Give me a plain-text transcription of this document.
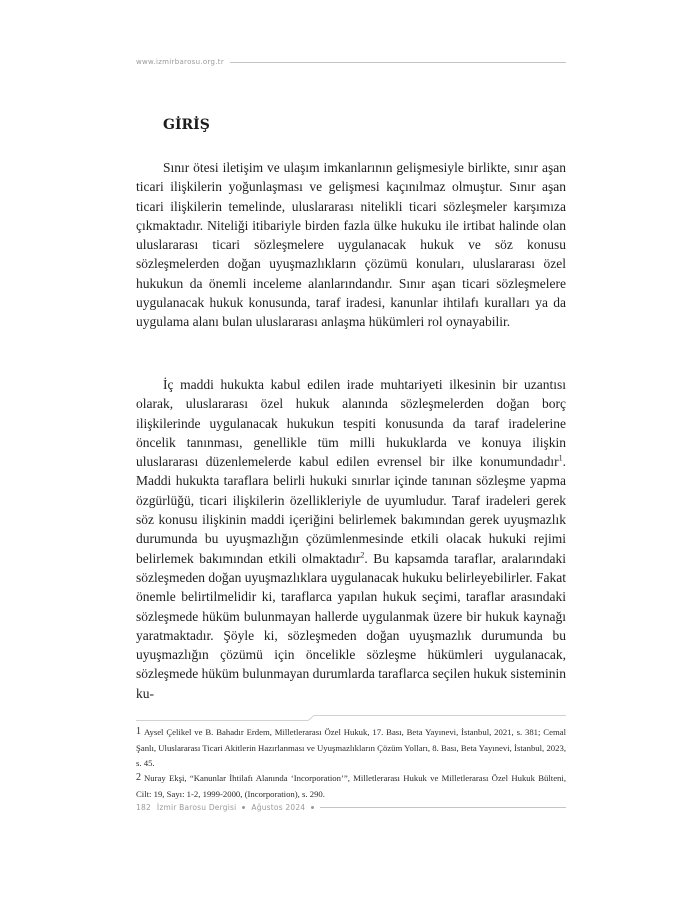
www.izmirbarosu.org.tr
GİRİŞ

Sınır ötesi iletişim ve ulaşım imkanlarının gelişmesiyle birlikte, sınır aşan ticari ilişkilerin yoğunlaşması ve gelişmesi kaçınılmaz olmuştur. Sınır aşan ticari ilişkilerin temelinde, uluslararası nitelikli ticari sözleşmeler karşımıza çıkmaktadır. Niteliği itibariyle birden fazla ülke hukuku ile irtibat halinde olan uluslararası ticari sözleşmelere uygulanacak hukuk ve söz konusu sözleşmelerden doğan uyuşmazlıkların çözümü konuları, uluslararası özel hukukun da önemli inceleme alanlarındandır. Sınır aşan ticari sözleşmelere uygulanacak hukuk konusunda, taraf iradesi, kanunlar ihtilafı kuralları ya da uygulama alanı bulan uluslararası anlaşma hükümleri rol oynayabilir.

İç maddi hukukta kabul edilen irade muhtariyeti ilkesinin bir uzantısı olarak, uluslararası özel hukuk alanında sözleşmelerden doğan borç ilişkilerinde uygulanacak hukukun tespiti konusunda da taraf iradelerine öncelik tanınması, genellikle tüm milli hukuklarda ve konuya ilişkin uluslararası düzenlemelerde kabul edilen evrensel bir ilke konumundadır$^1$. Maddi hukukta taraflara belirli hukuki sınırlar içinde tanınan sözleşme yapma özgürlüğü, ticari ilişkilerin özellikleriyle de uyumludur. Taraf iradeleri gerek söz konusu ilişkinin maddi içeriğini belirlemek bakımından gerek uyuşmazlık durumunda bu uyuşmazlığın çözümlenmesinde etkili olacak hukuki rejimi belirlemek bakımından etkili olmaktadır$^2$. Bu kapsamda taraflar, aralarındaki sözleşmeden doğan uyuşmazlıklara uygulanacak hukuku belirleyebilirler. Fakat önemle belirtilmelidir ki, taraflarca yapılan hukuk seçimi, taraflar arasındaki sözleşmede hüküm bulunmayan hallerde uygulanmak üzere bir hukuk kaynağı yaratmaktadır. Şöyle ki, sözleşmeden doğan uyuşmazlık durumunda bu uyuşmazlığın çözümü için öncelikle sözleşme hükümleri uygulanacak, sözleşmede hüküm bulunmayan durumlarda taraflarca seçilen hukuk sisteminin ku-

1 Aysel Çelikel ve B. Bahadır Erdem, Milletlerarası Özel Hukuk, 17. Bası, Beta Yayınevi, İstanbul, 2021, s. 381; Cemal Şanlı, Uluslararası Ticari Akitlerin Hazırlanması ve Uyuşmazlıkların Çözüm Yolları, 8. Bası, Beta Yayınevi, İstanbul, 2023, s. 45.

2 Nuray Ekşi, “Kanunlar İhtilafı Alanında ‘Incorporation’”, Milletlerarası Hukuk ve Milletlerarası Özel Hukuk Bülteni, Cilt: 19, Sayı: 1-2, 1999-2000, (Incorporation), s. 290.

182 İzmir Barosu Dergisi Ağustos 2024
